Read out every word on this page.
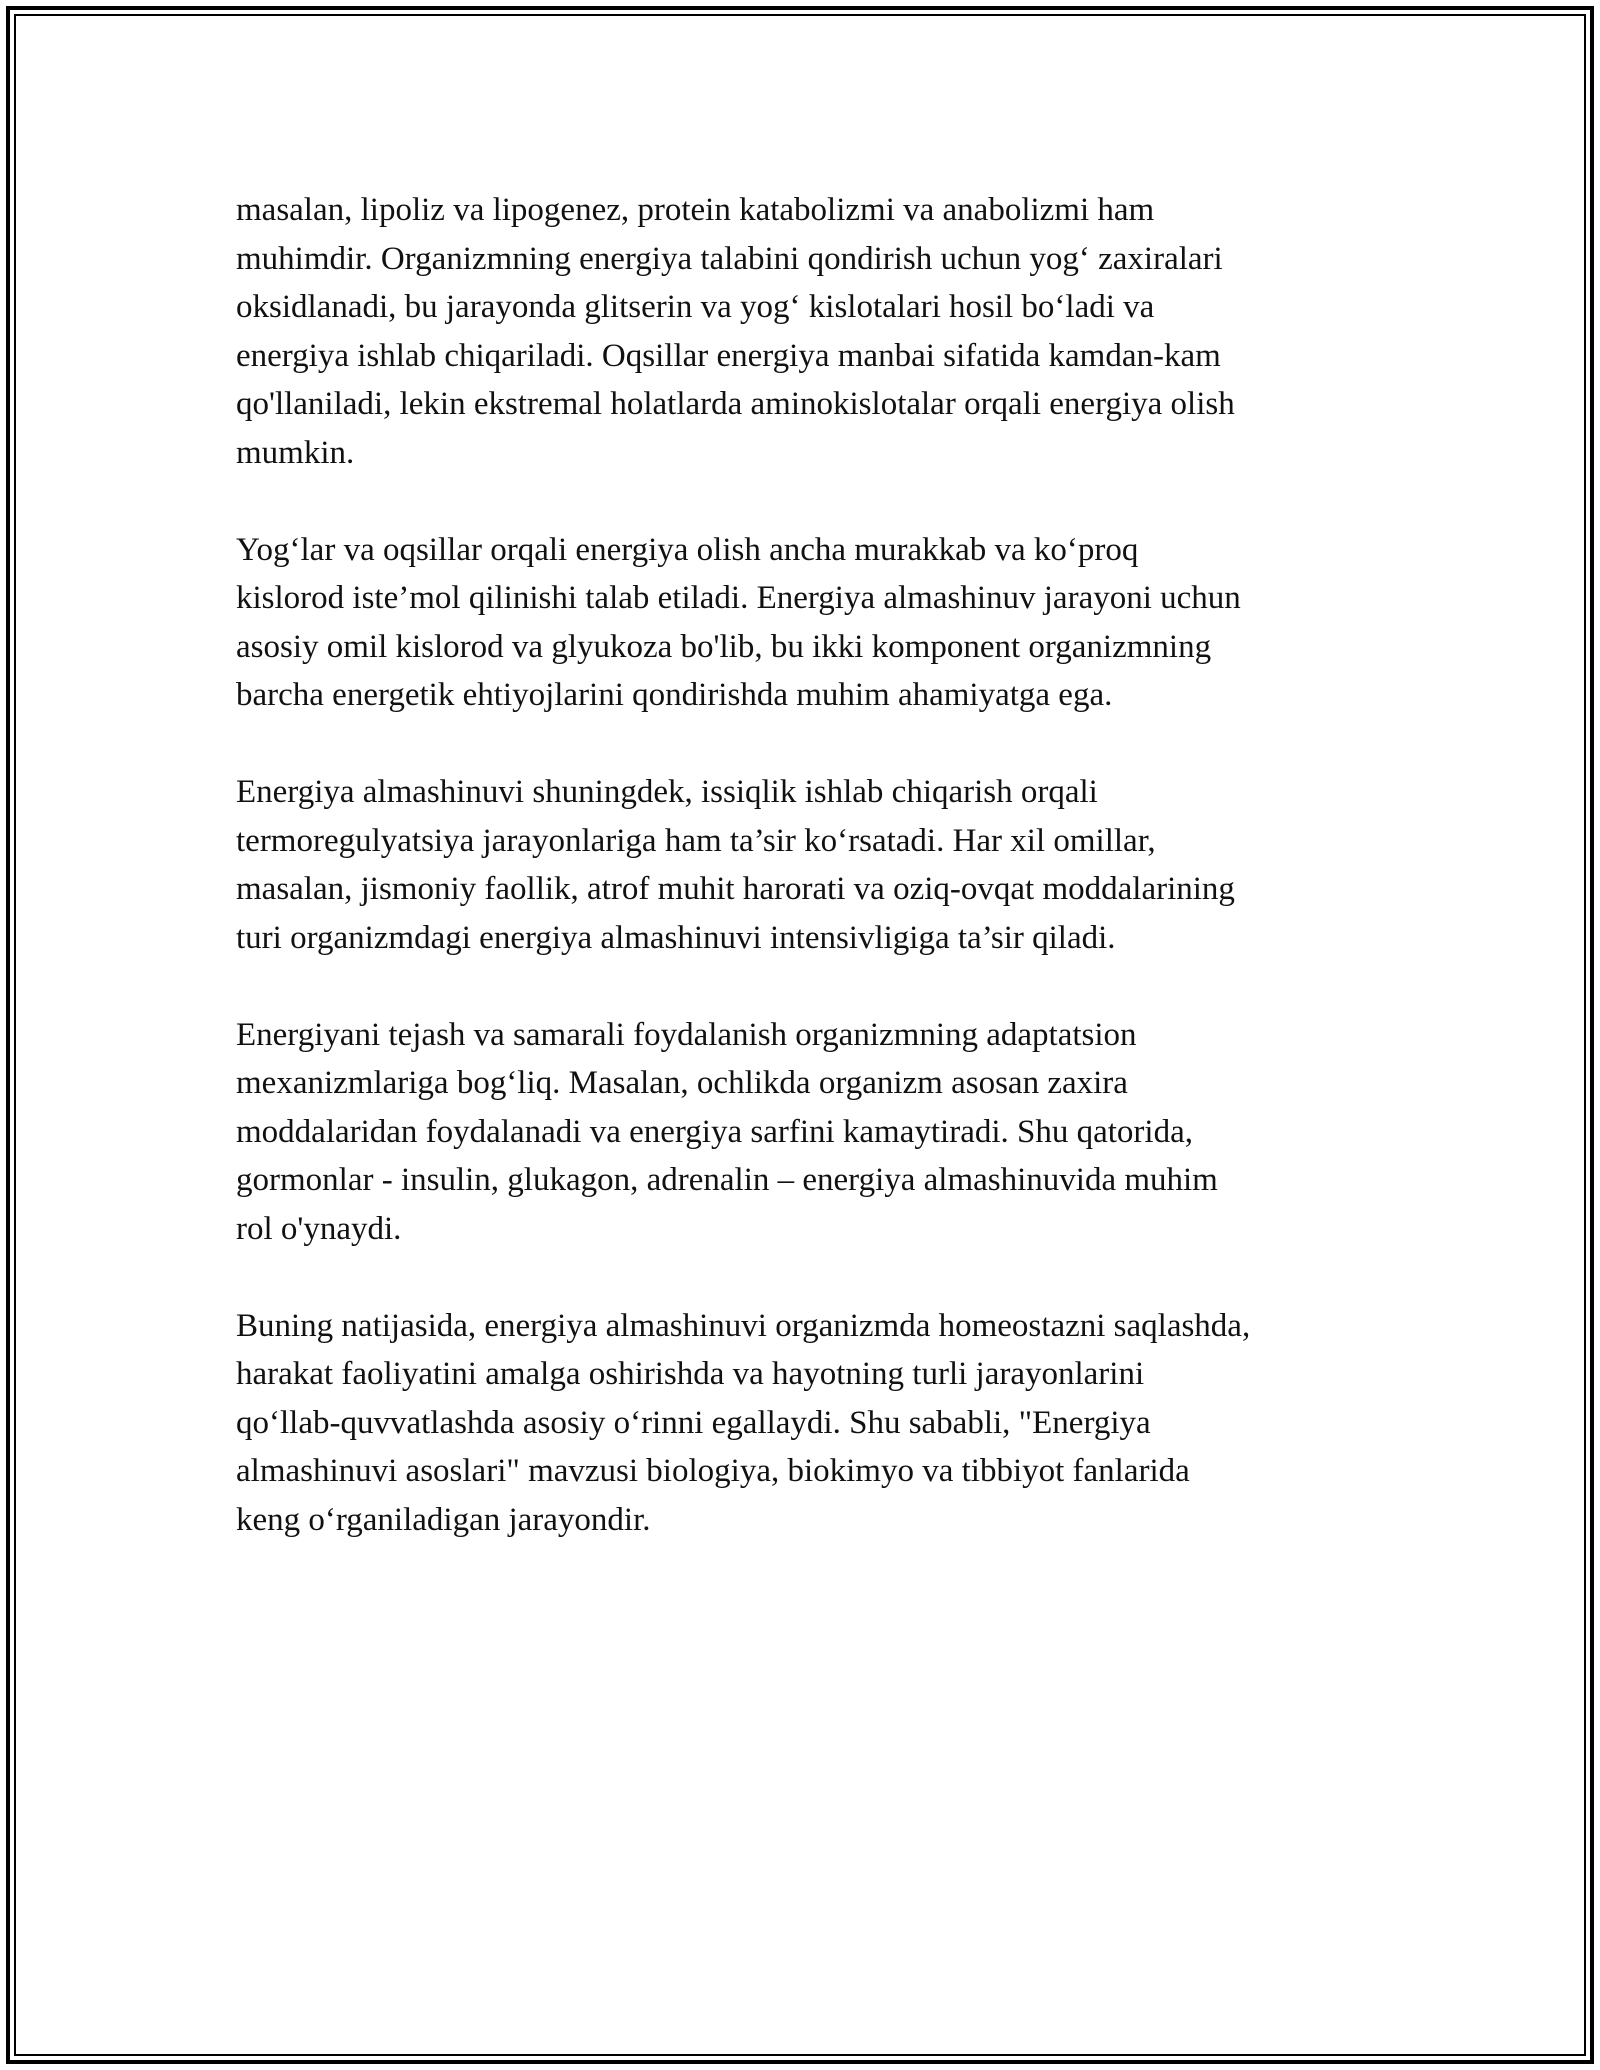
masalan, lipoliz va lipogenez, protein katabolizmi va anabolizmi ham
muhimdir. Organizmning energiya talabini qondirish uchun yog‘ zaxiralari
oksidlanadi, bu jarayonda glitserin va yog‘ kislotalari hosil bo‘ladi va
energiya ishlab chiqariladi. Oqsillar energiya manbai sifatida kamdan-kam
qo'llaniladi, lekin ekstremal holatlarda aminokislotalar orqali energiya olish
mumkin.

Yog‘lar va oqsillar orqali energiya olish ancha murakkab va ko‘proq
kislorod iste’mol qilinishi talab etiladi. Energiya almashinuv jarayoni uchun
asosiy omil kislorod va glyukoza bo'lib, bu ikki komponent organizmning
barcha energetik ehtiyojlarini qondirishda muhim ahamiyatga ega.

Energiya almashinuvi shuningdek, issiqlik ishlab chiqarish orqali
termoregulyatsiya jarayonlariga ham ta’sir ko‘rsatadi. Har xil omillar,
masalan, jismoniy faollik, atrof muhit harorati va oziq-ovqat moddalarining
turi organizmdagi energiya almashinuvi intensivligiga ta’sir qiladi.

Energiyani tejash va samarali foydalanish organizmning adaptatsion
mexanizmlariga bog‘liq. Masalan, ochlikda organizm asosan zaxira
moddalaridan foydalanadi va energiya sarfini kamaytiradi. Shu qatorida,
gormonlar - insulin, glukagon, adrenalin – energiya almashinuvida muhim
rol o'ynaydi.

Buning natijasida, energiya almashinuvi organizmda homeostazni saqlashda,
harakat faoliyatini amalga oshirishda va hayotning turli jarayonlarini
qo‘llab-quvvatlashda asosiy o‘rinni egallaydi. Shu sababli, "Energiya
almashinuvi asoslari" mavzusi biologiya, biokimyo va tibbiyot fanlarida
keng o‘rganiladigan jarayondir.
